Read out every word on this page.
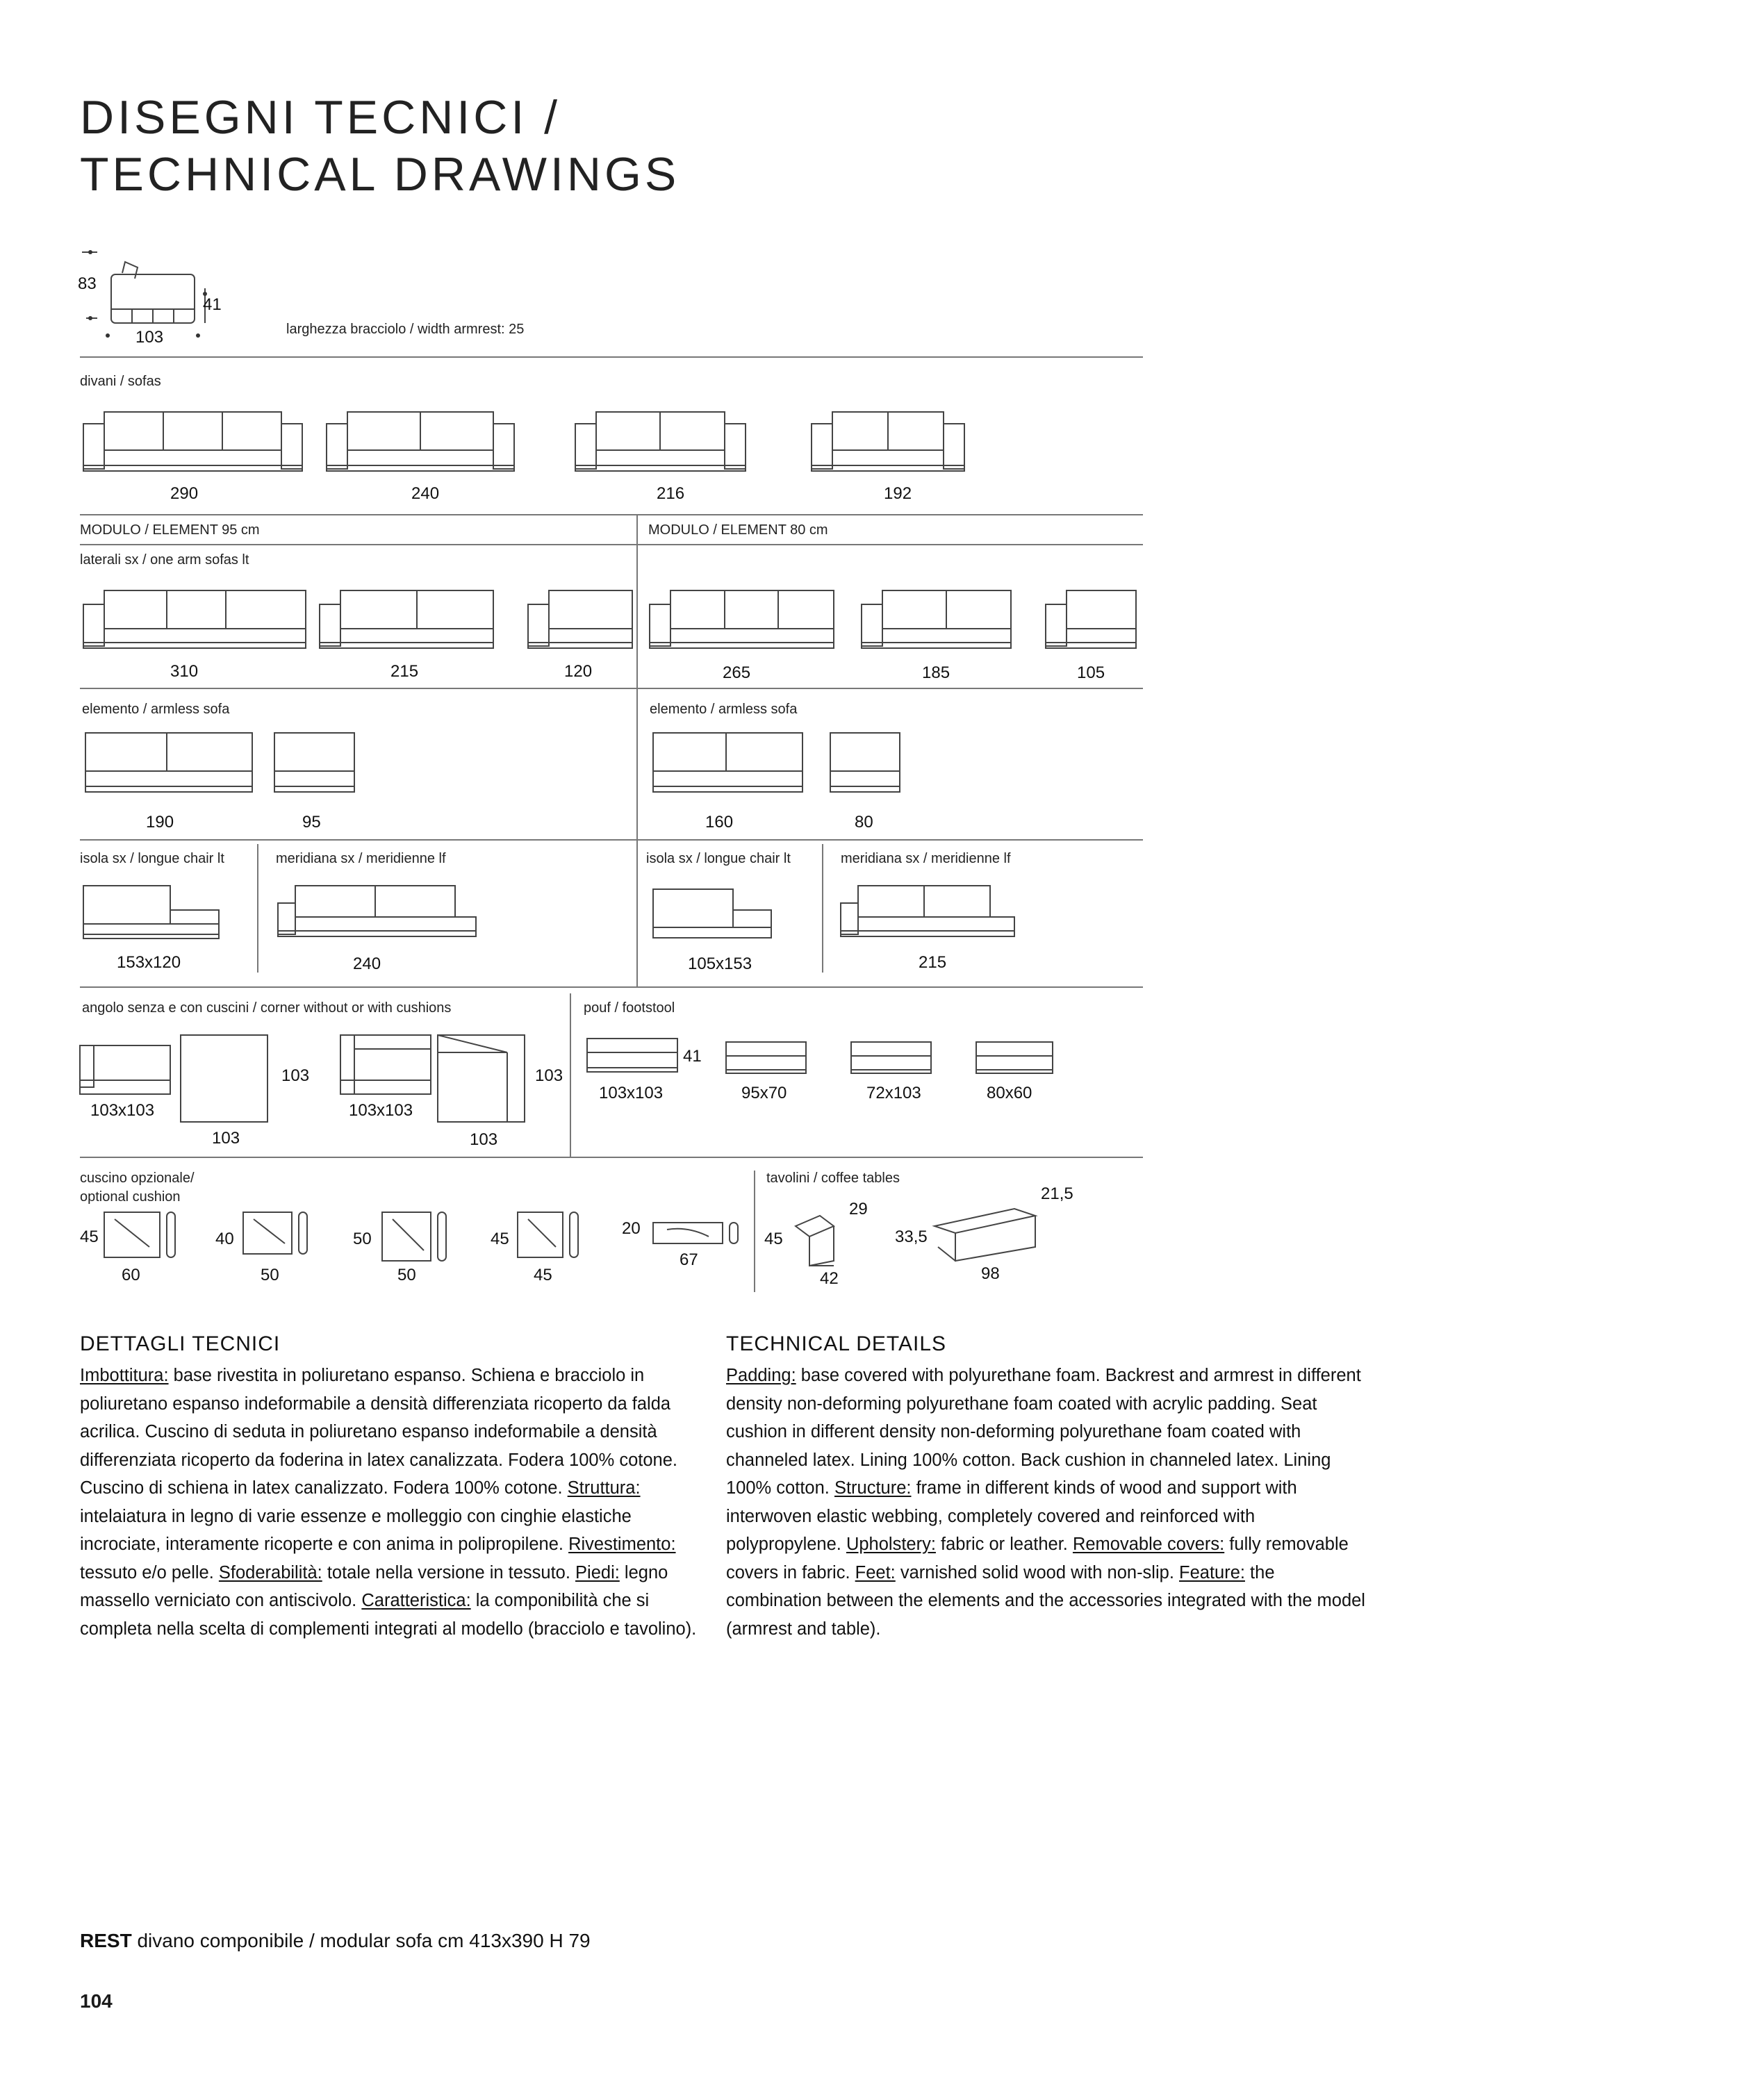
DISEGNI TECNICI /
TECHNICAL DRAWINGS
83
41
103	larghezza bracciolo / width armrest: 25
divani / sofas
290	240	216	192
MODULO / ELEMENT 95 cm	MODULO / ELEMENT 80 cm
laterali sx / one arm sofas lt
310	215	120	265	185	105
elemento / armless sofa	elemento / armless sofa
190	95	160	80
isola sx / longue chair lt	meridiana sx / meridienne lf	isola sx / longue chair lt	meridiana sx / meridienne lf
153x120	240	105x153	215
angolo senza e con cuscini / corner without or with cushions	pouf / footstool
103x103
103
103
103x103
103
103
41
103x103	95x70	72x103	80x60
cuscino opzionale/
optional cushion
tavolini / coffee tables
45
60
40
50
50
50
45
45
20
67
29
45
42
21,5
33,5
98
DETTAGLI TECNICI
Imbottitura: base rivestita in poliuretano espanso. Schiena e bracciolo in poliuretano espanso indeformabile a densità differenziata ricoperto da falda acrilica. Cuscino di seduta in poliuretano espanso indeformabile a densità differenziata ricoperto da foderina in latex canalizzata. Fodera 100% cotone. Cuscino di schiena in latex canalizzato. Fodera 100% cotone. Struttura: intelaiatura in legno di varie essenze e molleggio con cinghie elastiche incrociate, interamente ricoperte e con anima in polipropilene. Rivestimento: tessuto e/o pelle. Sfoderabilità: totale nella versione in tessuto. Piedi: legno massello verniciato con antiscivolo. Caratteristica: la componibilità che si completa nella scelta di complementi integrati al modello (bracciolo e tavolino).
TECHNICAL DETAILS
Padding: base covered with polyurethane foam. Backrest and armrest in different density non-deforming polyurethane foam coated with acrylic padding. Seat cushion in different density non-deforming polyurethane foam coated with channeled latex. Lining 100% cotton. Back cushion in channeled latex. Lining 100% cotton. Structure: frame in different kinds of wood and support with interwoven elastic webbing, completely covered and reinforced with polypropylene. Upholstery: fabric or leather. Removable covers: fully removable covers in fabric. Feet: varnished solid wood with non-slip. Feature: the combination between the elements and the accessories integrated with the model (armrest and table).
REST divano componibile / modular sofa cm 413x390 H 79
104
